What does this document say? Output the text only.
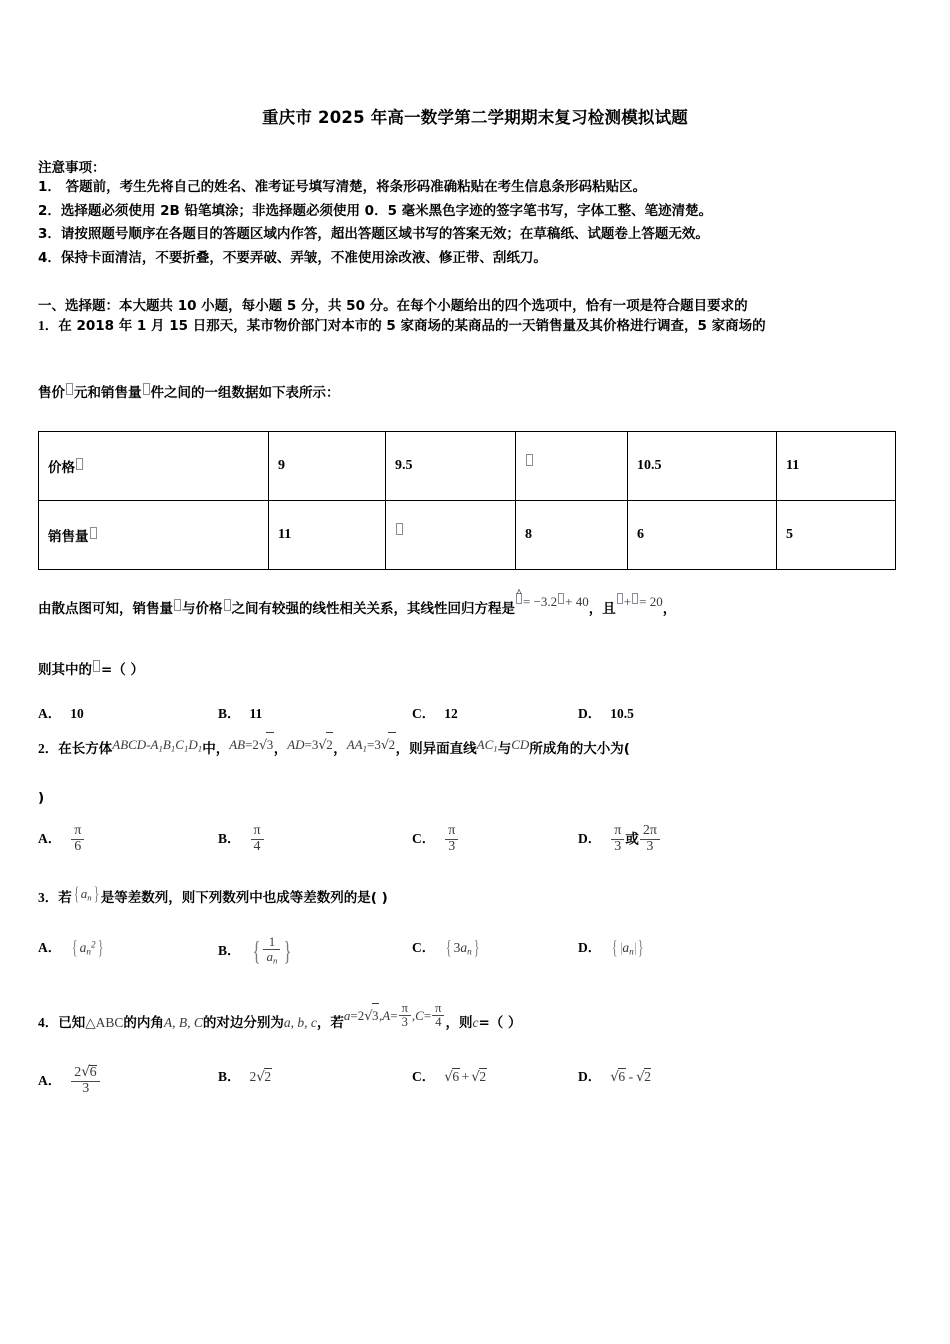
重庆市 2025 年高一数学第二学期期末复习检测模拟试题
注意事项：
1． 答题前，考生先将自己的姓名、准考证号填写清楚，将条形码准确粘贴在考生信息条形码粘贴区。
2．选择题必须使用 2B 铅笔填涂；非选择题必须使用 0．5 毫米黑色字迹的签字笔书写，字体工整、笔迹清楚。
3．请按照题号顺序在各题目的答题区域内作答，超出答题区域书写的答案无效；在草稿纸、试题卷上答题无效。
4．保持卡面清洁，不要折叠，不要弄破、弄皱，不准使用涂改液、修正带、刮纸刀。
一、选择题：本大题共 10 小题，每小题 5 分，共 50 分。在每个小题给出的四个选项中，恰有一项是符合题目要求的
1．在 2018 年 1 月 15 日那天，某市物价部门对本市的 5 家商场的某商品的一天销售量及其价格进行调查，5 家商场的
售价 元和销售量 件之间的一组数据如下表所示：
价格	9	9.5		10.5	11
销售量	11		8	6	5
由散点图可知，销售量 与价格 之间有较强的线性相关关系，其线性回归方程是
^
= −3.2 + 40，且 + = 20，
则其中的 =（ ）
A． 10	B． 11	C． 12	D． 10.5
2．在长方体ABCD-$A_1B_1C_1D_1$中，AB=2√3，AD=3√2，$AA_1=3√2$，则异面直线$AC_1$与CD所成角的大小为(
)
A． $\frac{\pi}{6}$	B． $\frac{\pi}{4}$	C． $\frac{\pi}{3}$	D． $\frac{\pi}{3}$ 或 $\frac{2\pi}{3}$
3．若{ $a_n$} 是等差数列，则下列数列中也成等差数列的是( )
A． { $a_n^2$}	B． { $\frac{1}{a_n}$ }	C． { $3a_n$}	D． { $|a_n|$ }
4．已知△ABC的内角A, B, C的对边分别为a, b, c，若$a=2√3,A= \frac{\pi}{3} ,C= \frac{\pi}{4}$ ，则c=（ ）
A． $\frac{2√6}{3}$	B． 2√2	C． √6 + √2	D． √6 - √2
